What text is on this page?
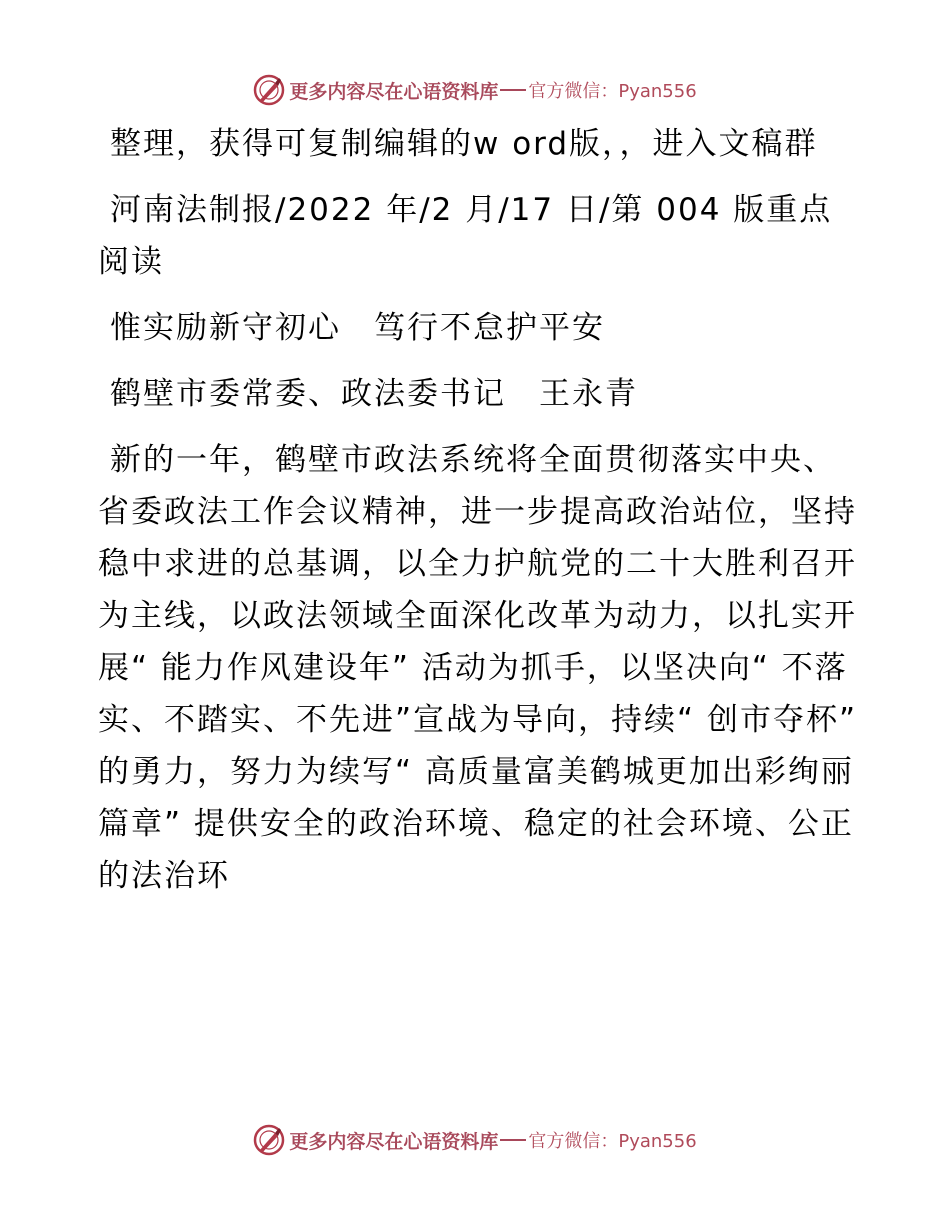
更多内容尽在心语资料库 官方微信：Pyan556

整理，获得可复制编辑的w ord版，，进入文稿群

河南法制报/2022 年/2 月/17 日/第 004 版重点阅读

惟实励新守初心　笃行不怠护平安

鹤壁市委常委、政法委书记　王永青

新的一年，鹤壁市政法系统将全面贯彻落实中央、省委政法工作会议精神，进一步提高政治站位，坚持稳中求进的总基调，以全力护航党的二十大胜利召开为主线，以政法领域全面深化改革为动力，以扎实开展“ 能力作风建设年” 活动为抓手，以坚决向“ 不落实、不踏实、不先进”宣战为导向，持续“ 创市夺杯” 的勇力，努力为续写“ 高质量富美鹤城更加出彩绚丽篇章” 提供安全的政治环境、稳定的社会环境、公正的法治环

更多内容尽在心语资料库 官方微信：Pyan556
